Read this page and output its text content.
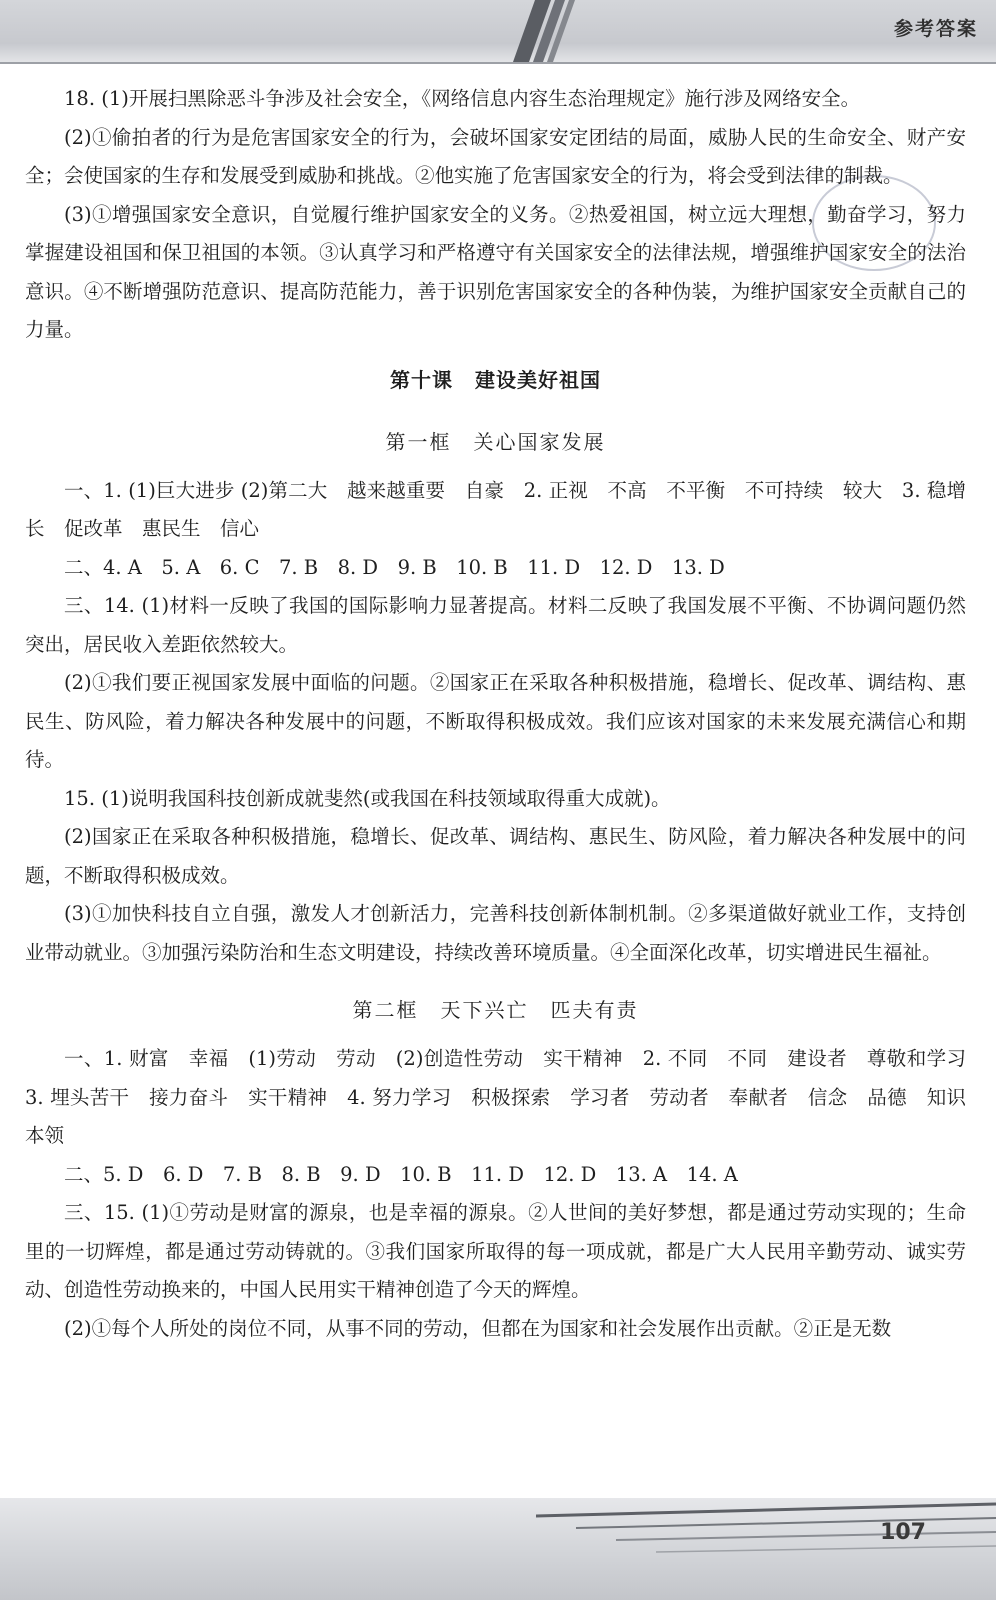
参考答案

18. (1)开展扫黑除恶斗争涉及社会安全，《网络信息内容生态治理规定》施行涉及网络安全。

(2)①偷拍者的行为是危害国家安全的行为，会破坏国家安定团结的局面，威胁人民的生命安全、财产安全；会使国家的生存和发展受到威胁和挑战。②他实施了危害国家安全的行为，将会受到法律的制裁。

(3)①增强国家安全意识，自觉履行维护国家安全的义务。②热爱祖国，树立远大理想，勤奋学习，努力掌握建设祖国和保卫祖国的本领。③认真学习和严格遵守有关国家安全的法律法规，增强维护国家安全的法治意识。④不断增强防范意识、提高防范能力，善于识别危害国家安全的各种伪装，为维护国家安全贡献自己的力量。

第十课 建设美好祖国
第一框 关心国家发展

一、1. (1)巨大进步 (2)第二大　越来越重要　自豪　2. 正视　不高　不平衡　不可持续　较大　3. 稳增长　促改革　惠民生　信心

二、4. A　5. A　6. C　7. B　8. D　9. B　10. B　11. D　12. D　13. D

三、14. (1)材料一反映了我国的国际影响力显著提高。材料二反映了我国发展不平衡、不协调问题仍然突出，居民收入差距依然较大。

(2)①我们要正视国家发展中面临的问题。②国家正在采取各种积极措施，稳增长、促改革、调结构、惠民生、防风险，着力解决各种发展中的问题，不断取得积极成效。我们应该对国家的未来发展充满信心和期待。

15. (1)说明我国科技创新成就斐然(或我国在科技领域取得重大成就)。

(2)国家正在采取各种积极措施，稳增长、促改革、调结构、惠民生、防风险，着力解决各种发展中的问题，不断取得积极成效。

(3)①加快科技自立自强，激发人才创新活力，完善科技创新体制机制。②多渠道做好就业工作，支持创业带动就业。③加强污染防治和生态文明建设，持续改善环境质量。④全面深化改革，切实增进民生福祉。

第二框 天下兴亡　匹夫有责

一、1. 财富　幸福　(1)劳动　劳动　(2)创造性劳动　实干精神　2. 不同　不同　建设者　尊敬和学习　3. 埋头苦干　接力奋斗　实干精神　4. 努力学习　积极探索　学习者　劳动者　奉献者　信念　品德　知识　本领

二、5. D　6. D　7. B　8. B　9. D　10. B　11. D　12. D　13. A　14. A

三、15. (1)①劳动是财富的源泉，也是幸福的源泉。②人世间的美好梦想，都是通过劳动实现的；生命里的一切辉煌，都是通过劳动铸就的。③我们国家所取得的每一项成就，都是广大人民用辛勤劳动、诚实劳动、创造性劳动换来的，中国人民用实干精神创造了今天的辉煌。

(2)①每个人所处的岗位不同，从事不同的劳动，但都在为国家和社会发展作出贡献。②正是无数

107
